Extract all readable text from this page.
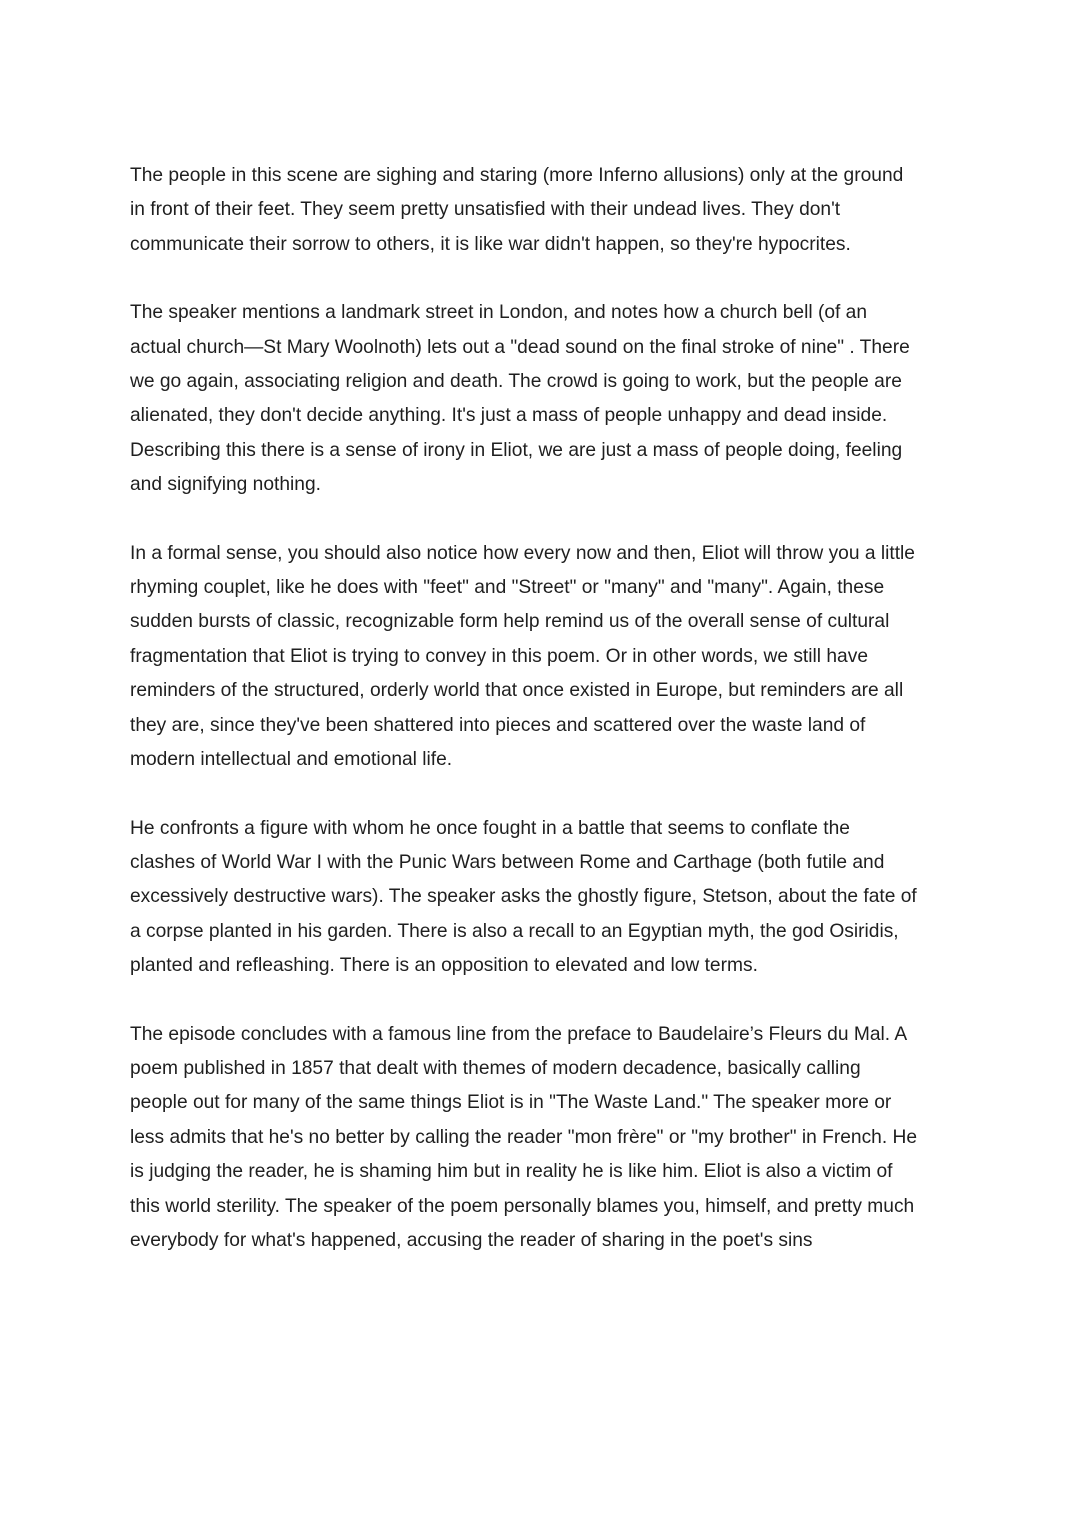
The people in this scene are sighing and staring (more Inferno allusions) only at the ground
in front of their feet. They seem pretty unsatisfied with their undead lives. They don't
communicate their sorrow to others, it is like war didn't happen, so they're hypocrites.

The speaker mentions a landmark street in London, and notes how a church bell (of an
actual church—St Mary Woolnoth) lets out a "dead sound on the final stroke of nine" . There
we go again, associating religion and death. The crowd is going to work, but the people are
alienated, they don't decide anything. It's just a mass of people unhappy and dead inside.
Describing this there is a sense of irony in Eliot, we are just a mass of people doing, feeling
and signifying nothing.

In a formal sense, you should also notice how every now and then, Eliot will throw you a little
rhyming couplet, like he does with "feet" and "Street" or "many" and "many". Again, these
sudden bursts of classic, recognizable form help remind us of the overall sense of cultural
fragmentation that Eliot is trying to convey in this poem. Or in other words, we still have
reminders of the structured, orderly world that once existed in Europe, but reminders are all
they are, since they've been shattered into pieces and scattered over the waste land of
modern intellectual and emotional life.

He confronts a figure with whom he once fought in a battle that seems to conflate the
clashes of World War I with the Punic Wars between Rome and Carthage (both futile and
excessively destructive wars). The speaker asks the ghostly figure, Stetson, about the fate of
a corpse planted in his garden. There is also a recall to an Egyptian myth, the god Osiridis,
planted and refleashing. There is an opposition to elevated and low terms.

The episode concludes with a famous line from the preface to Baudelaire’s Fleurs du Mal. A
poem published in 1857 that dealt with themes of modern decadence, basically calling
people out for many of the same things Eliot is in "The Waste Land." The speaker more or
less admits that he's no better by calling the reader "mon frère" or "my brother" in French. He
is judging the reader, he is shaming him but in reality he is like him. Eliot is also a victim of
this world sterility. The speaker of the poem personally blames you, himself, and pretty much
everybody for what's happened, accusing the reader of sharing in the poet's sins
